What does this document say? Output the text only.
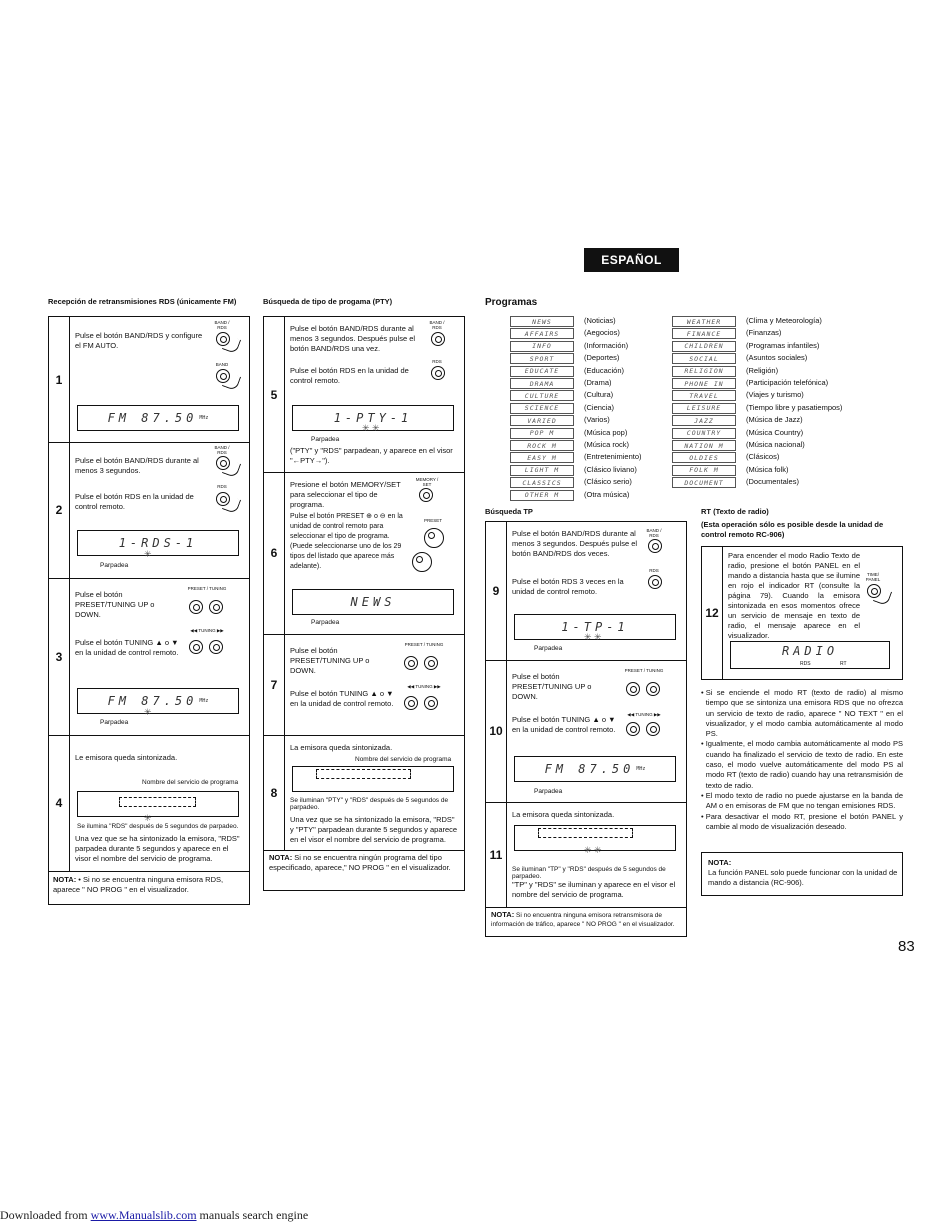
ESPAÑOL
Recepción de retransmisiones RDS (únicamente FM)
1
Pulse el botón BAND/RDS y configure el FM AUTO.
BAND / RDS
BAND
FM 87.50 MHz
2
Pulse el botón BAND/RDS durante al menos 3 segundos.
Pulse el botón RDS en la unidad de control remoto.
BAND / RDS
RDS
1-RDS-1
✳
Parpadea
3
Pulse el botón PRESET/TUNING UP o DOWN.
Pulse el botón TUNING ▲ o ▼ en la unidad de control remoto.
PRESET / TUNING
◀◀ TUNING ▶▶
FM 87.50 MHz
✳
Parpadea
4
Le emisora queda sintonizada.
Nombre del servicio de programa
✳
Se ilumina "RDS" después de 5 segundos de parpadeo.
Una vez que se ha sintonizado la emisora, "RDS" parpadea durante 5 segundos y aparece en el visor el nombre del servicio de programa.
NOTA: • Si no se encuentra ninguna emisora RDS, aparece " NO PROG " en el visualizador.
Búsqueda de tipo de progama (PTY)
5
Pulse el botón BAND/RDS durante al menos 3 segundos. Después pulse el botón BAND/RDS una vez.
Pulse el botón RDS en la unidad de control remoto.
BAND / RDS
RDS
1-PTY-1
✳ ✳
Parpadea
("PTY" y "RDS" parpadean, y aparece en el visor "←PTY→").
6
Presione el botón MEMORY/SET para seleccionar el tipo de programa.
Pulse el botón PRESET ⊕ o ⊖ en la unidad de control remoto para seleccionar el tipo de programa. (Puede seleccionarse uno de los 29 tipos del listado que aparece más adelante).
MEMORY / SET
PRESET
NEWS
Parpadea
7
Pulse el botón PRESET/TUNING UP o DOWN.
Pulse el botón TUNING ▲ o ▼ en la unidad de control remoto.
PRESET / TUNING
◀◀ TUNING ▶▶
8
La emisora queda sintonizada.
Nombre del servicio de programa
Se iluminan "PTY" y "RDS" después de 5 segundos de parpadeo.
Una vez que se ha sintonizado la emisora, "RDS" y "PTY" parpadean durante 5 segundos y aparece en el visor el nombre del servicio de programa.
NOTA: Si no se encuentra ningún programa del tipo especificado, aparece," NO PROG " en el visualizador.
Programas
NEWS	(Noticias)
AFFAIRS	(Aegocios)
INFO	(Información)
SPORT	(Deportes)
EDUCATE	(Educación)
DRAMA	(Drama)
CULTURE	(Cultura)
SCIENCE	(Ciencia)
VARIED	(Varios)
POP M	(Música pop)
ROCK M	(Música rock)
EASY M	(Entretenimiento)
LIGHT M	(Clásico liviano)
CLASSICS	(Clásico serio)
OTHER M	(Otra música)
WEATHER	(Clima y Meteorología)
FINANCE	(Finanzas)
CHILDREN	(Programas infantiles)
SOCIAL	(Asuntos sociales)
RELIGION	(Religión)
PHONE IN	(Participación telefónica)
TRAVEL	(Viajes y turismo)
LEISURE	(Tiempo libre y pasatiempos)
JAZZ	(Música de Jazz)
COUNTRY	(Música Country)
NATION M	(Música nacional)
OLDIES	(Clásicos)
FOLK M	(Música folk)
DOCUMENT	(Documentales)
Búsqueda TP
9
Pulse el botón BAND/RDS durante al menos 3 segundos. Después pulse el botón BAND/RDS dos veces.
Pulse el botón RDS 3 veces en la unidad de control remoto.
BAND / RDS
RDS
1-TP-1
✳ ✳
Parpadea
10
Pulse el botón PRESET/TUNING UP o DOWN.
Pulse el botón TUNING ▲ o ▼ en la unidad de control remoto.
PRESET / TUNING
◀◀ TUNING ▶▶
FM 87.50 MHz
Parpadea
11
La emisora queda sintonizada.
✳ ✳
Se iluminan "TP" y "RDS" después de 5 segundos de parpadeo.
"TP" y "RDS" se iluminan y aparece en el visor el nombre del servicio de programa.
NOTA: Si no encuentra ninguna emisora retransmisora de información de tráfico, aparece " NO PROG " en el visualizador.
RT (Texto de radio)
(Esta operación sólo es posible desde la unidad de control remoto RC-906)
12
Para encender el modo Radio Texto de radio, presione el botón PANEL en el mando a distancia hasta que se ilumine en rojo el indicador RT (consulte la página 79). Cuando la emisora sintonizada en esos momentos ofrece un servicio de mensaje en texto de radio, el mensaje aparece en el visualizador.
TIME/ PANEL
RADIO
RDS	RT
• Si se enciende el modo RT (texto de radio) al mismo tiempo que se sintoniza una emisora RDS que no ofrezca un servicio de texto de radio, aparece " NO TEXT " en el visualizador, y el modo cambia automáticamente al modo PS.
• Igualmente, el modo cambia automáticamente al modo PS cuando ha finalizado el servicio de texto de radio. En este caso, el modo vuelve automáticamente del modo PS al modo RT (texto de radio) cuando hay una retransmisión de texto de radio.
• El modo texto de radio no puede ajustarse en la banda de AM o en emisoras de FM que no tengan emisiones RDS.
• Para desactivar el modo RT, presione el botón PANEL y cambie al modo de visualización deseado.
NOTA:
La función PANEL solo puede funcionar con la unidad de mando a distancia (RC-906).
83
Downloaded from www.Manualslib.com manuals search engine
